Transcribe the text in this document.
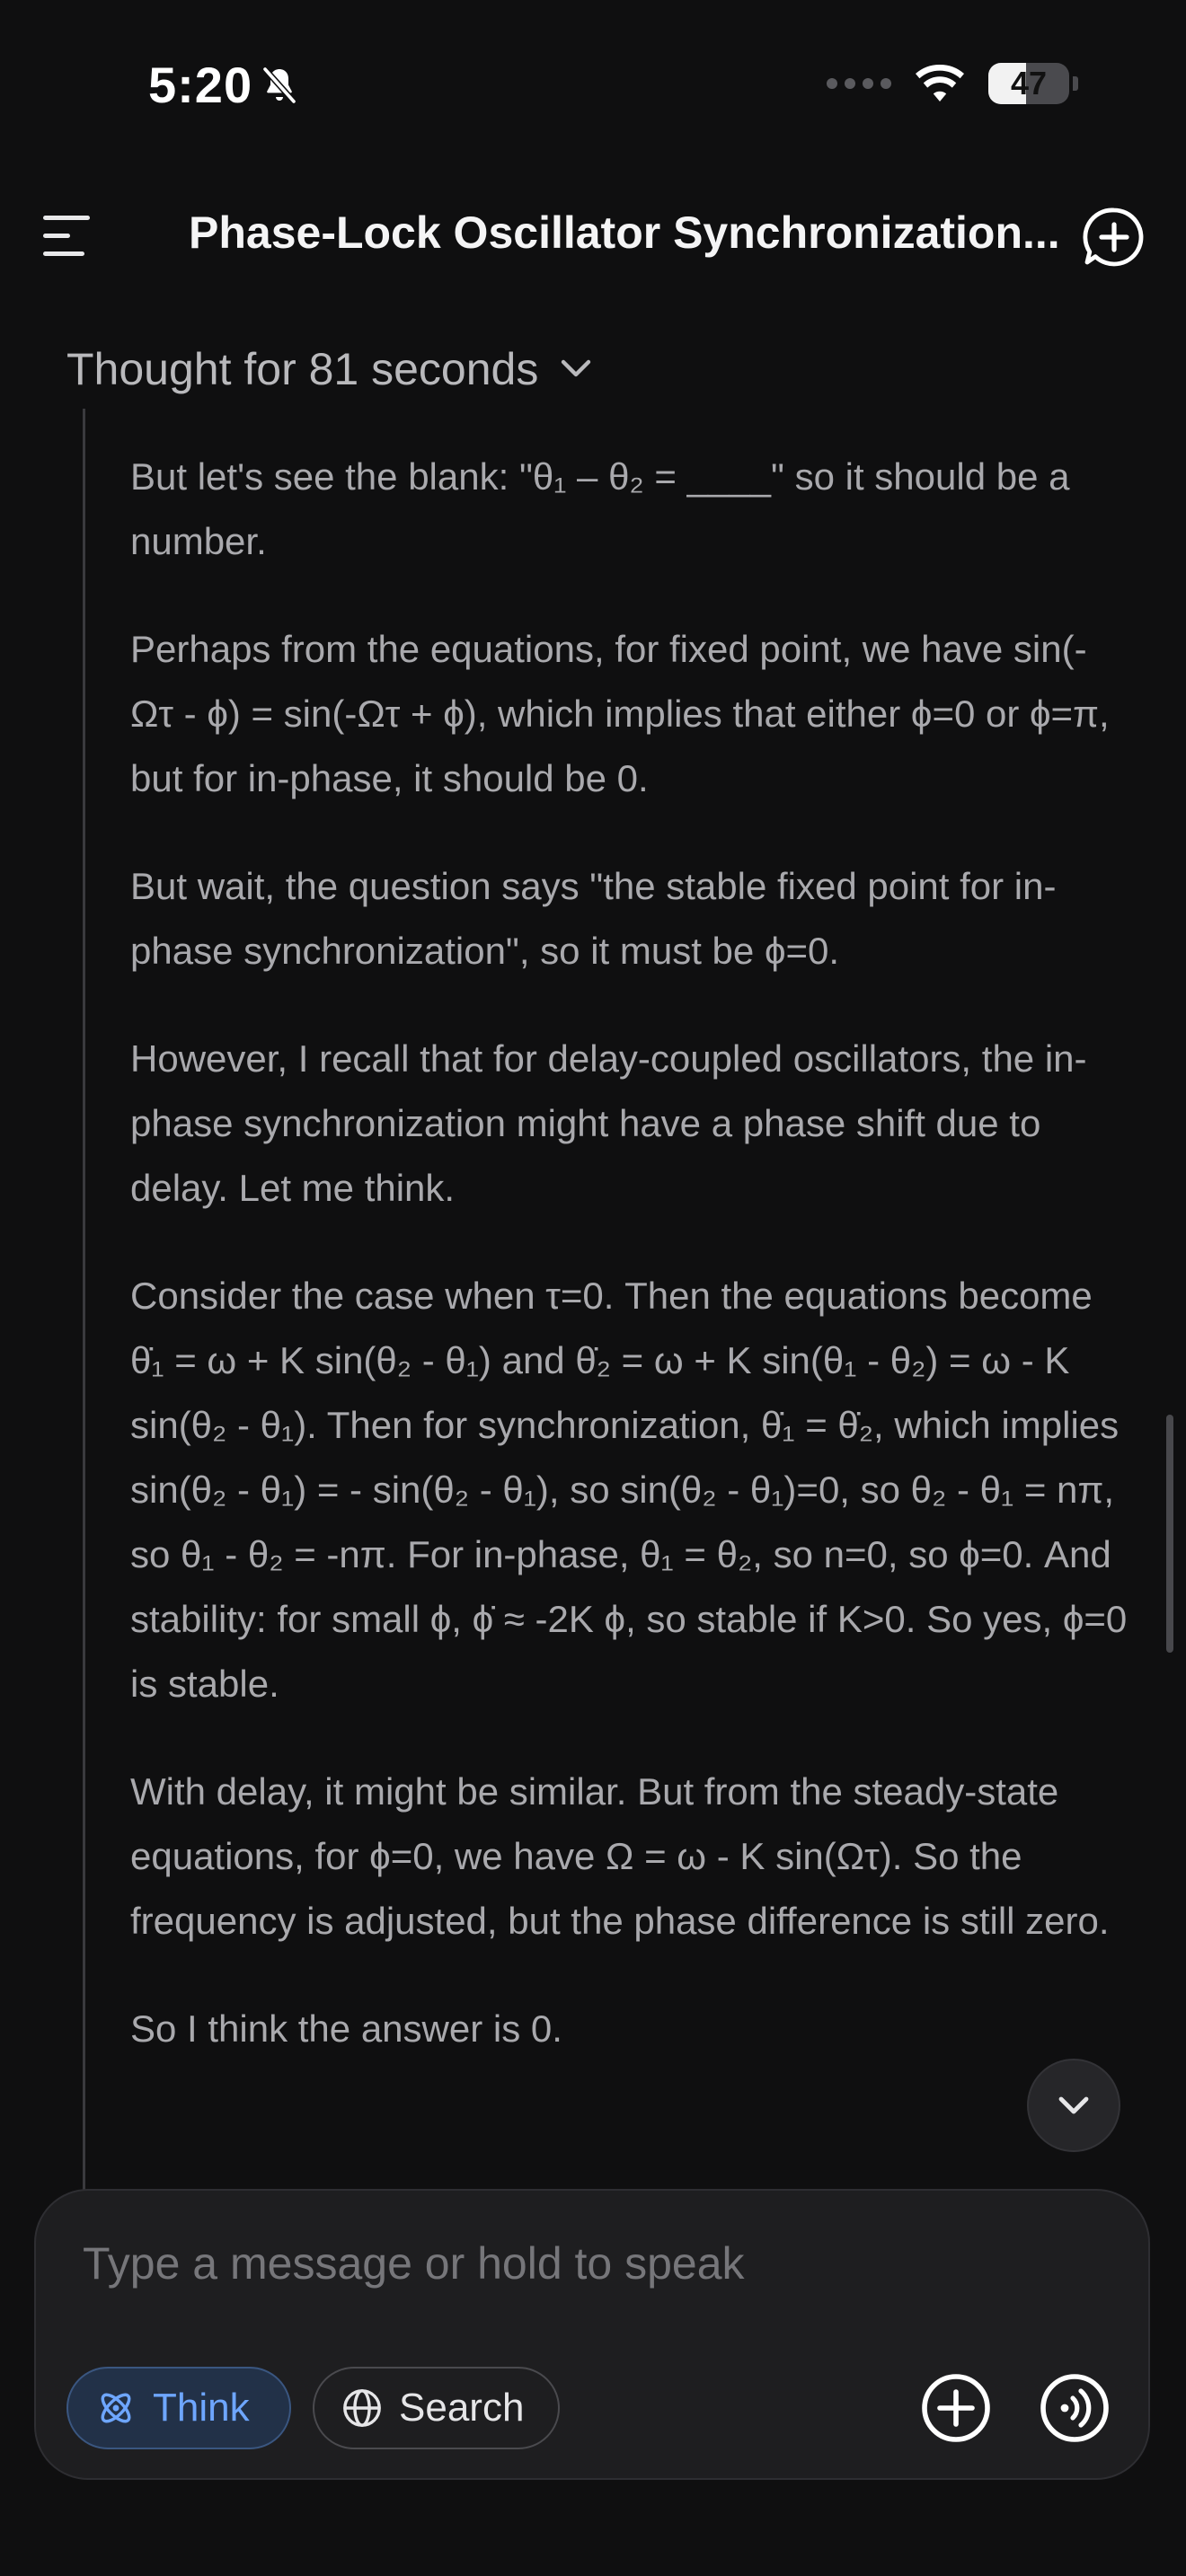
5:20	47
Phase-Lock Oscillator Synchronization...
Thought for 81 seconds

But let's see the blank: "θ₁ – θ₂ = ____" so it should be a number.

Perhaps from the equations, for fixed point, we have sin(-Ωτ - ϕ) = sin(-Ωτ + ϕ), which implies that either ϕ=0 or ϕ=π, but for in-phase, it should be 0.

But wait, the question says "the stable fixed point for in-phase synchronization", so it must be ϕ=0.

However, I recall that for delay-coupled oscillators, the in-phase synchronization might have a phase shift due to delay. Let me think.

Consider the case when τ=0. Then the equations become θ̇₁ = ω + K sin(θ₂ - θ₁) and θ̇₂ = ω + K sin(θ₁ - θ₂) = ω - K sin(θ₂ - θ₁). Then for synchronization, θ̇₁ = θ̇₂, which implies sin(θ₂ - θ₁) = - sin(θ₂ - θ₁), so sin(θ₂ - θ₁)=0, so θ₂ - θ₁ = nπ, so θ₁ - θ₂ = -nπ. For in-phase, θ₁ = θ₂, so n=0, so ϕ=0. And stability: for small ϕ, ϕ̇ ≈ -2K ϕ, so stable if K>0. So yes, ϕ=0 is stable.

With delay, it might be similar. But from the steady-state equations, for ϕ=0, we have Ω = ω - K sin(Ωτ). So the frequency is adjusted, but the phase difference is still zero.

So I think the answer is 0.

Type a message or hold to speak
Think	Search
